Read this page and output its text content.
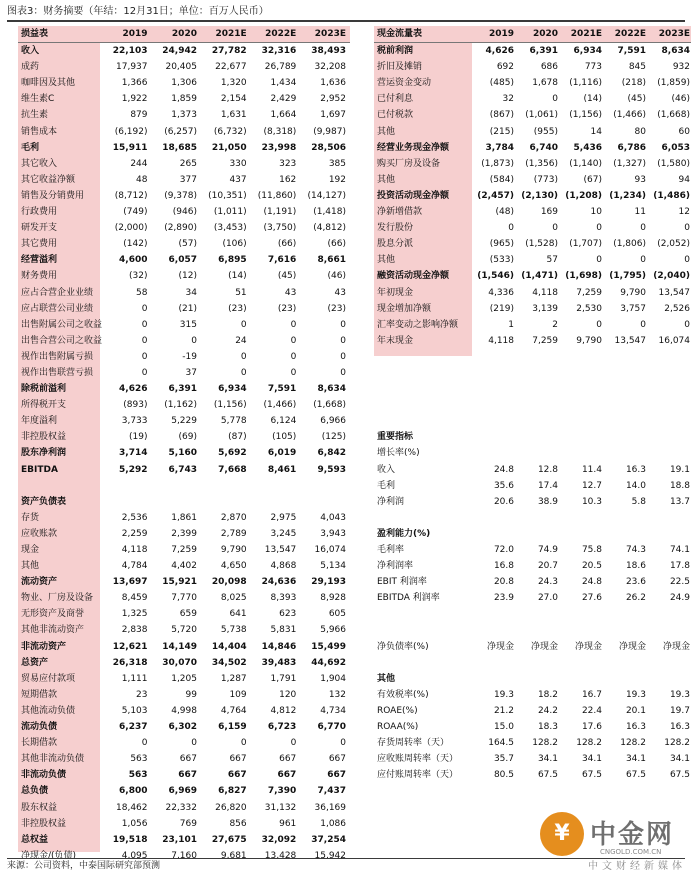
图表3：财务摘要（年结：12月31日；单位：百万人民币）
损益表	2019	2020	2021E	2022E	2023E
收入	22,103	24,942	27,782	32,316	38,493
成药	17,937	20,405	22,677	26,789	32,208
咖啡因及其他	1,366	1,306	1,320	1,434	1,636
维生素C	1,922	1,859	2,154	2,429	2,952
抗生素	879	1,373	1,631	1,664	1,697
销售成本	(6,192)	(6,257)	(6,732)	(8,318)	(9,987)
毛利	15,911	18,685	21,050	23,998	28,506
其它收入	244	265	330	323	385
其它收益净额	48	377	437	162	192
销售及分销费用	(8,712)	(9,378)	(10,351)	(11,860)	(14,127)
行政费用	(749)	(946)	(1,011)	(1,191)	(1,418)
研发开支	(2,000)	(2,890)	(3,453)	(3,750)	(4,812)
其它费用	(142)	(57)	(106)	(66)	(66)
经营溢利	4,600	6,057	6,895	7,616	8,661
财务费用	(32)	(12)	(14)	(45)	(46)
应占合营企业业绩	58	34	51	43	43
应占联营公司业绩	0	(21)	(23)	(23)	(23)
出售附属公司之收益	0	315	0	0	0
出售合营公司之收益	0	0	24	0	0
视作出售附属亏损	0	-19	0	0	0
视作出售联营亏损	0	37	0	0	0
除税前溢利	4,626	6,391	6,934	7,591	8,634
所得税开支	(893)	(1,162)	(1,156)	(1,466)	(1,668)
年度溢利	3,733	5,229	5,778	6,124	6,966
非控股权益	(19)	(69)	(87)	(105)	(125)
股东净利润	3,714	5,160	5,692	6,019	6,842
EBITDA	5,292	6,743	7,668	8,461	9,593

资产负债表					
存货	2,536	1,861	2,870	2,975	4,043
应收账款	2,259	2,399	2,789	3,245	3,943
现金	4,118	7,259	9,790	13,547	16,074
其他	4,784	4,402	4,650	4,868	5,134
流动资产	13,697	15,921	20,098	24,636	29,193
物业、厂房及设备	8,459	7,770	8,025	8,393	8,928
无形资产及商誉	1,325	659	641	623	605
其他非流动资产	2,838	5,720	5,738	5,831	5,966
非流动资产	12,621	14,149	14,404	14,846	15,499
总资产	26,318	30,070	34,502	39,483	44,692
贸易应付款项	1,111	1,205	1,287	1,791	1,904
短期借款	23	99	109	120	132
其他流动负债	5,103	4,998	4,764	4,812	4,734
流动负债	6,237	6,302	6,159	6,723	6,770
长期借款	0	0	0	0	0
其他非流动负债	563	667	667	667	667
非流动负债	563	667	667	667	667
总负债	6,800	6,969	6,827	7,390	7,437
股东权益	18,462	22,332	26,820	31,132	36,169
非控股权益	1,056	769	856	961	1,086
总权益	19,518	23,101	27,675	32,092	37,254
净现金/(负债)	4,095	7,160	9,681	13,428	15,942
现金流量表	2019	2020	2021E	2022E	2023E
税前利润	4,626	6,391	6,934	7,591	8,634
折旧及摊销	692	686	773	845	932
营运资金变动	(485)	1,678	(1,116)	(218)	(1,859)
已付利息	32	0	(14)	(45)	(46)
已付税款	(867)	(1,061)	(1,156)	(1,466)	(1,668)
其他	(215)	(955)	14	80	60
经营业务现金净额	3,784	6,740	5,436	6,786	6,053
购买厂房及设备	(1,873)	(1,356)	(1,140)	(1,327)	(1,580)
其他	(584)	(773)	(67)	93	94
投资活动现金净额	(2,457)	(2,130)	(1,208)	(1,234)	(1,486)
净新增借款	(48)	169	10	11	12
发行股份	0	0	0	0	0
股息分派	(965)	(1,528)	(1,707)	(1,806)	(2,052)
其他	(533)	57	0	0	0
融资活动现金净额	(1,546)	(1,471)	(1,698)	(1,795)	(2,040)
年初现金	4,336	4,118	7,259	9,790	13,547
现金增加净额	(219)	3,139	2,530	3,757	2,526
汇率变动之影响净额	1	2	0	0	0
年末现金	4,118	7,259	9,790	13,547	16,074

重要指标					
增长率(%)					
收入	24.8	12.8	11.4	16.3	19.1
毛利	35.6	17.4	12.7	14.0	18.8
净利润	20.6	38.9	10.3	5.8	13.7

盈利能力(%)					
毛利率	72.0	74.9	75.8	74.3	74.1
净利润率	16.8	20.7	20.5	18.6	17.8
EBIT 利润率	20.8	24.3	24.8	23.6	22.5
EBITDA 利润率	23.9	27.0	27.6	26.2	24.9

净负债率(%)	净现金	净现金	净现金	净现金	净现金

其他					
有效税率(%)	19.3	18.2	16.7	19.3	19.3
ROAE(%)	21.2	24.2	22.4	20.1	19.7
ROAA(%)	15.0	18.3	17.6	16.3	16.3
存货周转率（天）	164.5	128.2	128.2	128.2	128.2
应收账周转率（天）	35.7	34.1	34.1	34.1	34.1
应付账周转率（天）	80.5	67.5	67.5	67.5	67.5
来源：公司资料，中泰国际研究部预测
¥ 中金网
CNGOLD.COM.CN
中文财经新媒体
